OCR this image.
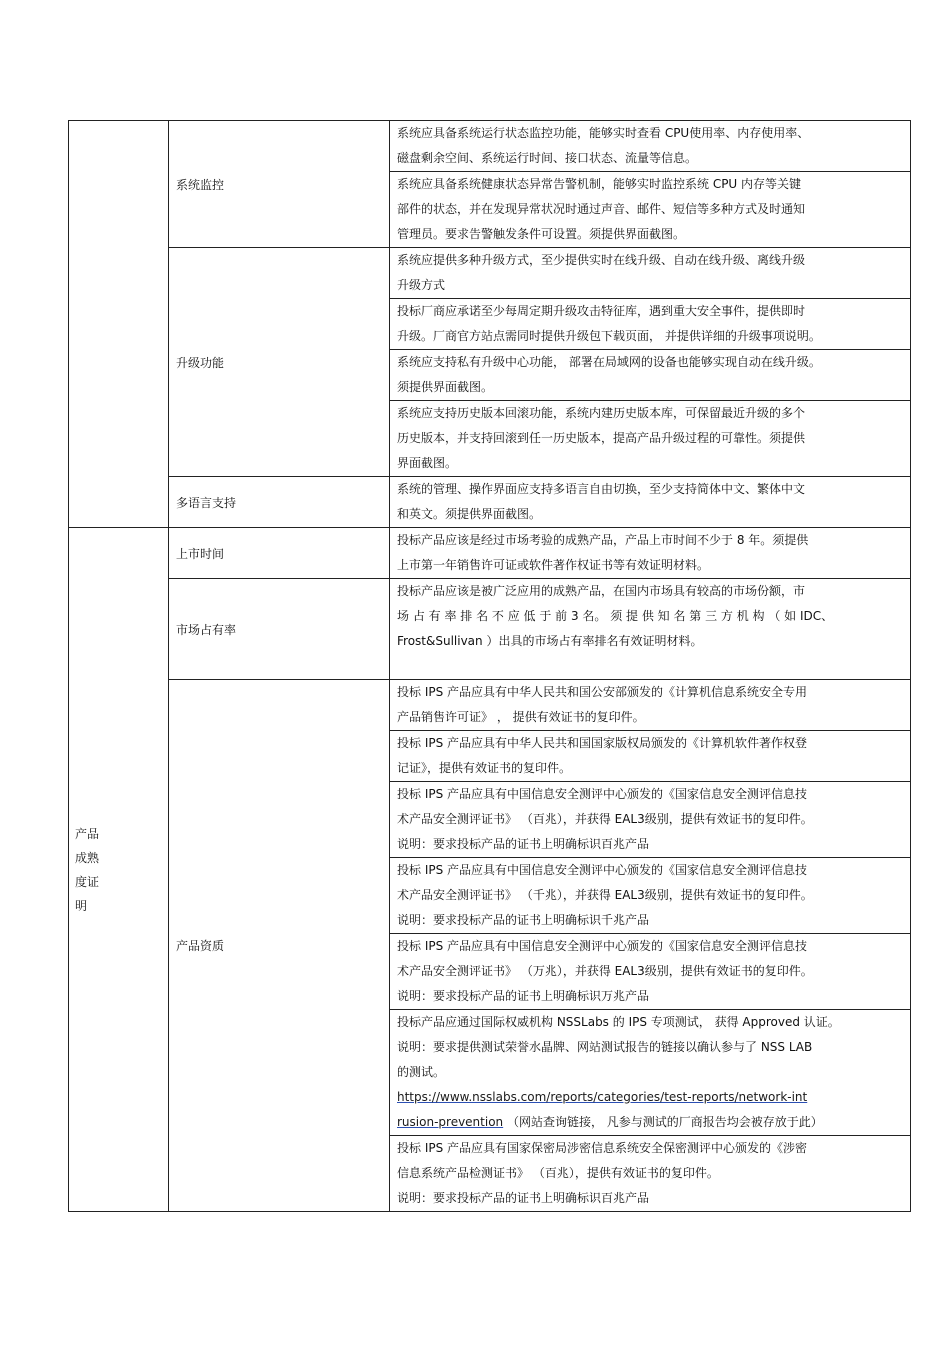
	系统监控	系统应具备系统运行状态监控功能，能够实时查看 CPU使用率、内存使用率、
磁盘剩余空间、系统运行时间、接口状态、流量等信息。

		系统应具备系统健康状态异常告警机制，能够实时监控系统 CPU 内存等关键
部件的状态，并在发现异常状况时通过声音、邮件、短信等多种方式及时通知
管理员。要求告警触发条件可设置。须提供界面截图。

	升级功能	系统应提供多种升级方式，至少提供实时在线升级、自动在线升级、离线升级
升级方式

		投标厂商应承诺至少每周定期升级攻击特征库，遇到重大安全事件，提供即时
升级。厂商官方站点需同时提供升级包下载页面， 并提供详细的升级事项说明。

		系统应支持私有升级中心功能， 部署在局域网的设备也能够实现自动在线升级。
须提供界面截图。

		系统应支持历史版本回滚功能，系统内建历史版本库，可保留最近升级的多个
历史版本，并支持回滚到任一历史版本，提高产品升级过程的可靠性。须提供
界面截图。

	多语言支持	系统的管理、操作界面应支持多语言自由切换，至少支持简体中文、繁体中文
和英文。须提供界面截图。

产品
成熟
度证
明	上市时间	投标产品应该是经过市场考验的成熟产品，产品上市时间不少于 8 年。须提供
上市第一年销售许可证或软件著作权证书等有效证明材料。

	市场占有率	投标产品应该是被广泛应用的成熟产品，在国内市场具有较高的市场份额，市
场 占 有 率 排 名 不 应 低 于 前 3 名。 须 提 供 知 名 第 三 方 机 构 （ 如 IDC、
Frost&Sullivan ）出具的市场占有率排名有效证明材料。

	产品资质	投标 IPS 产品应具有中华人民共和国公安部颁发的《计算机信息系统安全专用
产品销售许可证》 ， 提供有效证书的复印件。

		投标 IPS 产品应具有中华人民共和国国家版权局颁发的《计算机软件著作权登
记证》，提供有效证书的复印件。

		投标 IPS 产品应具有中国信息安全测评中心颁发的《国家信息安全测评信息技
术产品安全测评证书》 （百兆），并获得 EAL3级别，提供有效证书的复印件。
说明：要求投标产品的证书上明确标识百兆产品

		投标 IPS 产品应具有中国信息安全测评中心颁发的《国家信息安全测评信息技
术产品安全测评证书》 （千兆），并获得 EAL3级别，提供有效证书的复印件。
说明：要求投标产品的证书上明确标识千兆产品

		投标 IPS 产品应具有中国信息安全测评中心颁发的《国家信息安全测评信息技
术产品安全测评证书》 （万兆），并获得 EAL3级别，提供有效证书的复印件。
说明：要求投标产品的证书上明确标识万兆产品

		投标产品应通过国际权威机构 NSSLabs 的 IPS 专项测试， 获得 Approved 认证。
说明：要求提供测试荣誉水晶牌、网站测试报告的链接以确认参与了 NSS LAB
的测试。
https://www.nsslabs.com/reports/categories/test-reports/network-int
rusion-prevention （网站查询链接， 凡参与测试的厂商报告均会被存放于此）

		投标 IPS 产品应具有国家保密局涉密信息系统安全保密测评中心颁发的《涉密
信息系统产品检测证书》 （百兆），提供有效证书的复印件。
说明：要求投标产品的证书上明确标识百兆产品
